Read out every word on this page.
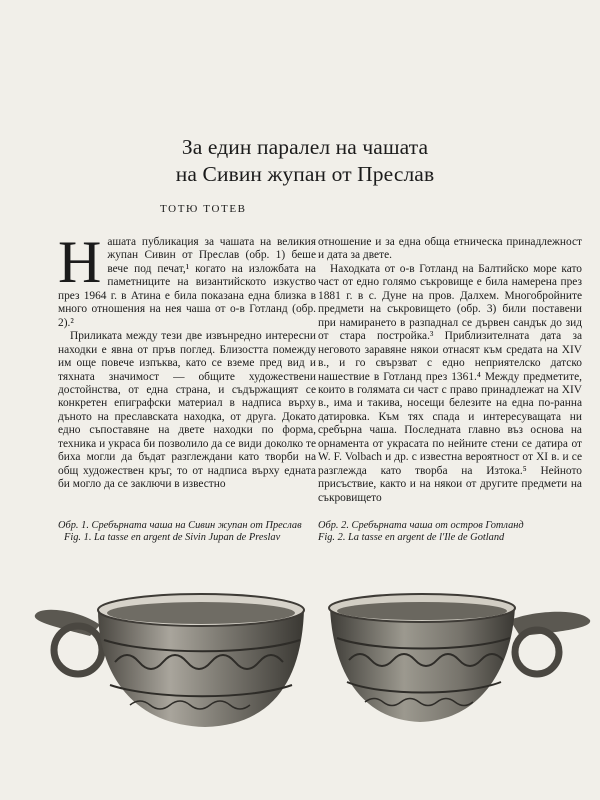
За един паралел на чашата
на Сивин жупан от Преслав
ТОТЮ ТОТЕВ

Нашата публикация за чашата на великия жупан Сивин от Преслав (обр. 1) беше вече под печат,¹ когато на изложбата на паметниците на византийското изкуство през 1964 г. в Атина е била показана една близка в много отношения на нея чаша от о-в Готланд (обр. 2).²

Приликата между тези две извънредно интересни находки е явна от пръв поглед. Близостта помежду им още повече изпъква, като се вземе пред вид и тяхната значимост — общите художествени достойнства, от една страна, и съдържащият се конкретен епиграфски материал в надписа върху дъното на преславската находка, от друга. Докато едно съпоставяне на двете находки по форма, техника и украса би позволило да се види доколко те биха могли да бъдат разглеждани като творби на общ художествен кръг, то от надписа върху едната би могло да се заключи в известно

отношение и за една обща етническа принадлежност и дата за двете.

Находката от о-в Готланд на Балтийско море като част от едно голямо съкровище е била намерена през 1881 г. в с. Дуне на пров. Далхем. Многобройните предмети на съкровището (обр. 3) били поставени при намирането в разпаднал се дървен сандък до зид от стара постройка.³ Приблизителната дата за неговото заравяне някои отнасят към средата на XIV в., и го свързват с едно неприятелско датско нашествие в Готланд през 1361.⁴ Между предметите, които в голямата си част с право принадлежат на XIV в., има и такива, носещи белезите на една по-ранна датировка. Към тях спада и интересуващата ни сребърна чаша. Последната главно въз основа на орнамента от украсата по нейните стени се датира от W. F. Volbach и др. с известна вероятност от XI в. и се разглежда като творба на Изтока.⁵ Нейното присъствие, както и на някои от другите предмети на съкровището

Обр. 1. Сребърната чаша на Сивин жупан от Преслав
Fig. 1. La tasse en argent de Sivin Jupan de Preslav
Обр. 2. Сребърната чаша от остров Готланд
Fig. 2. La tasse en argent de l'Ile de Gotland
